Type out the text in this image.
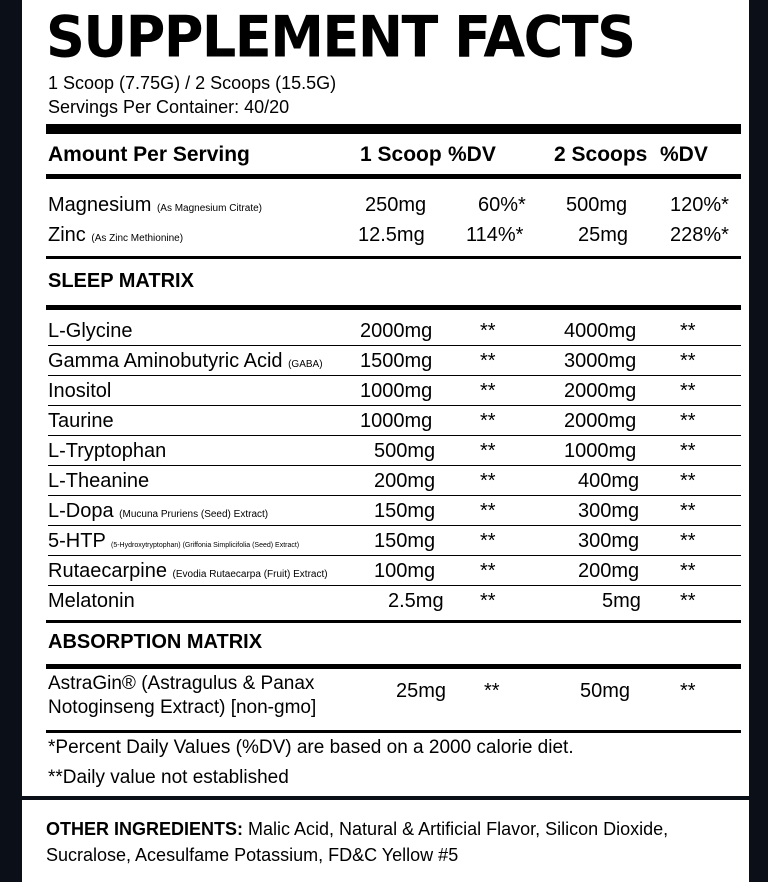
SUPPLEMENT FACTS
1 Scoop (7.75G) / 2 Scoops (15.5G)
Servings Per Container: 40/20
Amount Per Serving	1 Scoop %DV	2 Scoops %DV
Magnesium (As Magnesium Citrate)	250mg	60%* 500mg 120%*
Zinc (As Zinc Methionine)	12.5mg 114%*	25mg 228%*
SLEEP MATRIX
L-Glycine	2000mg **	4000mg **
Gamma Aminobutyric Acid (GABA) 1500mg **	3000mg **
Inositol	1000mg **	2000mg **
Taurine	1000mg **	2000mg **
L-Tryptophan	500mg **	1000mg **
L-Theanine	200mg **	400mg **
L-Dopa (Mucuna Pruriens (Seed) Extract)	150mg **	300mg **
5-HTP (5-Hydroxytryptophan) (Griffonia Simplicifolia (Seed) Extract)	150mg **	300mg **
Rutaecarpine (Evodia Rutaecarpa (Fruit) Extract) 100mg **	200mg **
Melatonin	2.5mg **	5mg **
ABSORPTION MATRIX
AstraGin® (Astragulus & Panax
Notoginseng Extract) [non-gmo]
25mg **	50mg **
*Percent Daily Values (%DV) are based on a 2000 calorie diet.
**Daily value not established
OTHER INGREDIENTS: Malic Acid, Natural & Artificial Flavor, Silicon Dioxide, Sucralose, Acesulfame Potassium, FD&C Yellow #5
